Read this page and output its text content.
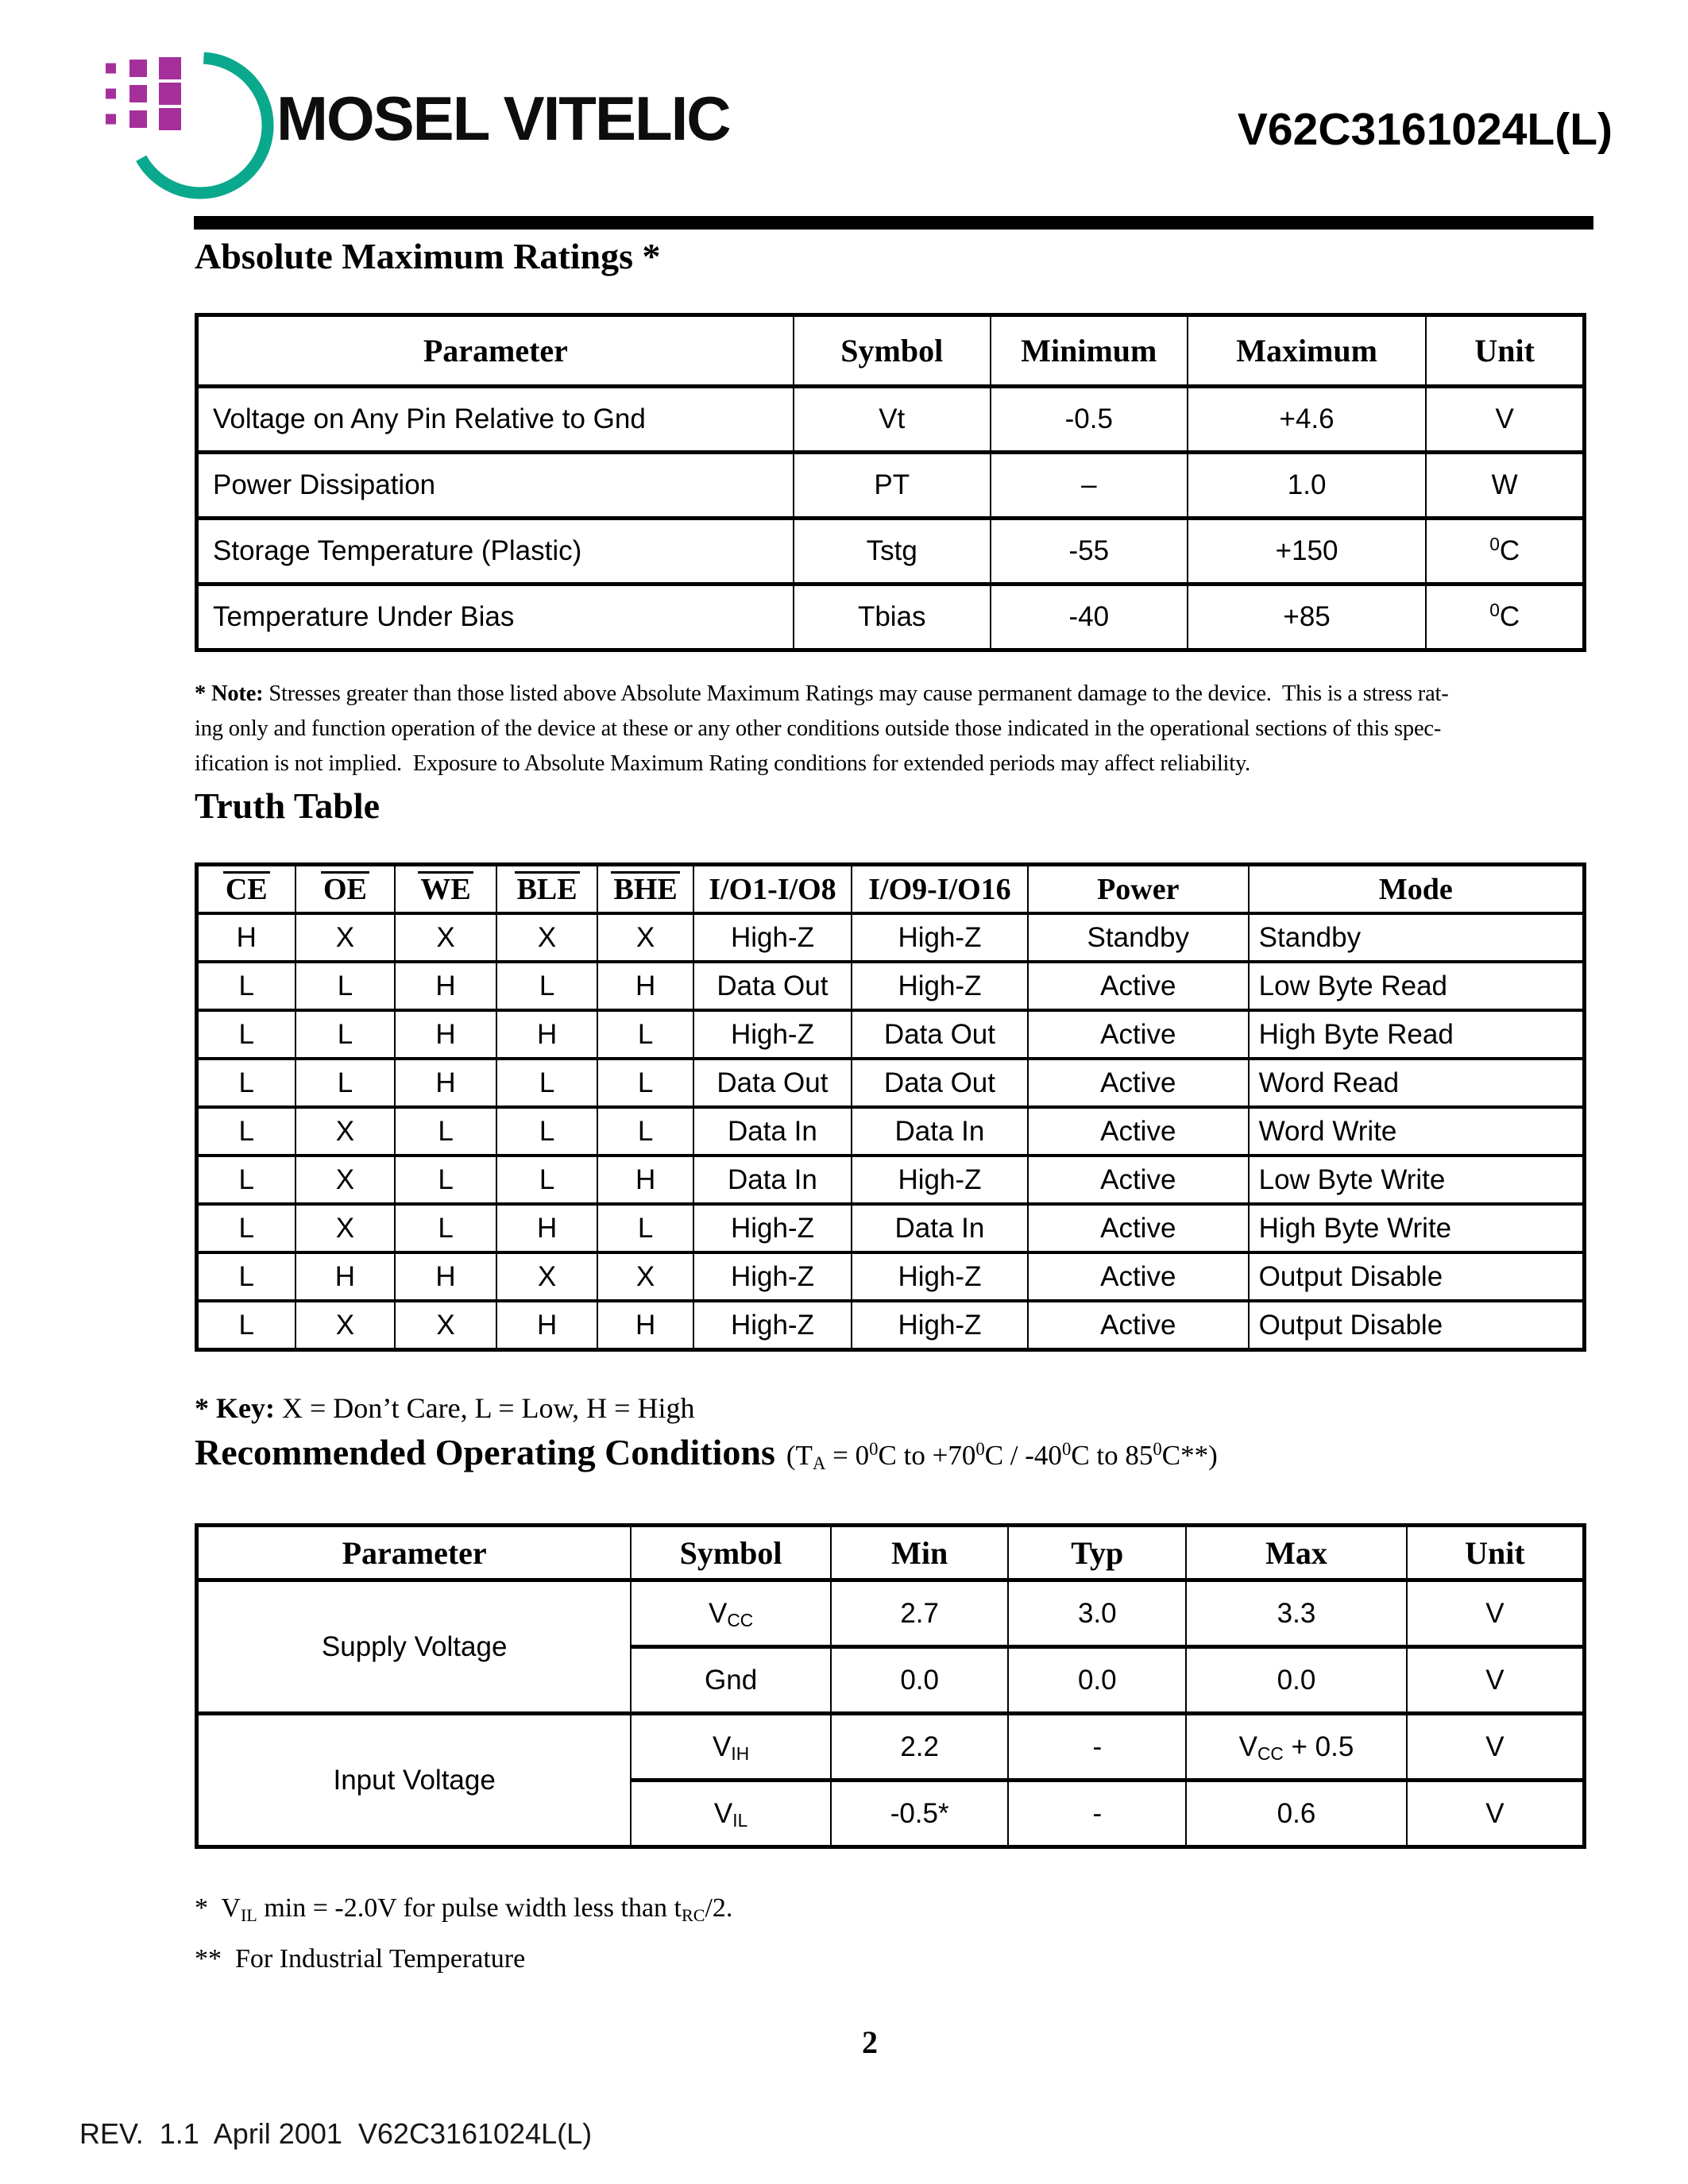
MOSEL VITELIC	V62C3161024L(L)
Absolute Maximum Ratings *
Parameter	Symbol	Minimum	Maximum	Unit
Voltage on Any Pin Relative to Gnd	Vt	-0.5	+4.6	V
Power Dissipation	PT	–	1.0	W
Storage Temperature (Plastic)	Tstg	-55	+150	$^0$C
Temperature Under Bias	Tbias	-40	+85	$^0$C
* Note: Stresses greater than those listed above Absolute Maximum Ratings may cause permanent damage to the device.  This is a stress rat-
ing only and function operation of the device at these or any other conditions outside those indicated in the operational sections of this spec-
ification is not implied.  Exposure to Absolute Maximum Rating conditions for extended periods may affect reliability.
Truth Table
CE	OE	WE	BLE	BHE	I/O1-I/O8	I/O9-I/O16	Power	Mode
H	X	X	X	X	High-Z	High-Z	Standby	Standby
L	L	H	L	H	Data Out	High-Z	Active	Low Byte Read
L	L	H	H	L	High-Z	Data Out	Active	High Byte Read
L	L	H	L	L	Data Out	Data Out	Active	Word Read
L	X	L	L	L	Data In	Data In	Active	Word Write
L	X	L	L	H	Data In	High-Z	Active	Low Byte Write
L	X	L	H	L	High-Z	Data In	Active	High Byte Write
L	H	H	X	X	High-Z	High-Z	Active	Output Disable
L	X	X	H	H	High-Z	High-Z	Active	Output Disable
* Key: X = Don’t Care, L = Low, H = High
Recommended Operating Conditions ($T_A = 0^0C$ to $+70^0C / -40^0C$ to $85^0C**$)
Parameter	Symbol	Min	Typ	Max	Unit
Supply Voltage	$V_{CC}$	2.7	3.0	3.3	V
	Gnd	0.0	0.0	0.0	V
Input Voltage	$V_{IH}$	2.2	-	$V_{CC} + 0.5$	V
	$V_{IL}$	-0.5*	-	0.6	V
*  $V_{IL}$ min = -2.0V for pulse width less than $t_{RC}/2$.
**  For Industrial Temperature
2
REV.  1.1  April 2001  V62C3161024L(L)
